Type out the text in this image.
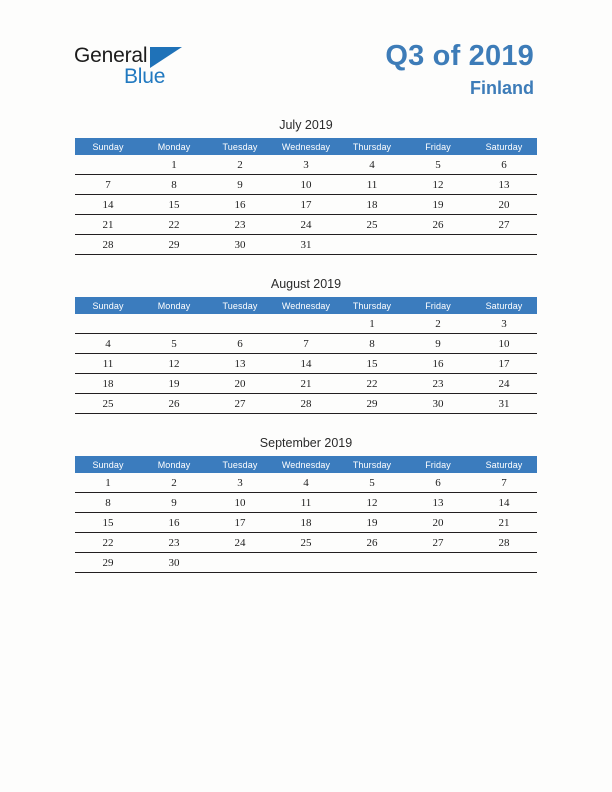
General
Blue
Q3 of 2019
Finland
July 2019
Sunday	Monday	Tuesday	Wednesday	Thursday	Friday	Saturday
	1	2	3	4	5	6
7	8	9	10	11	12	13
14	15	16	17	18	19	20
21	22	23	24	25	26	27
28	29	30	31			
August 2019
Sunday	Monday	Tuesday	Wednesday	Thursday	Friday	Saturday
				1	2	3
4	5	6	7	8	9	10
11	12	13	14	15	16	17
18	19	20	21	22	23	24
25	26	27	28	29	30	31
September 2019
Sunday	Monday	Tuesday	Wednesday	Thursday	Friday	Saturday
1	2	3	4	5	6	7
8	9	10	11	12	13	14
15	16	17	18	19	20	21
22	23	24	25	26	27	28
29	30					
